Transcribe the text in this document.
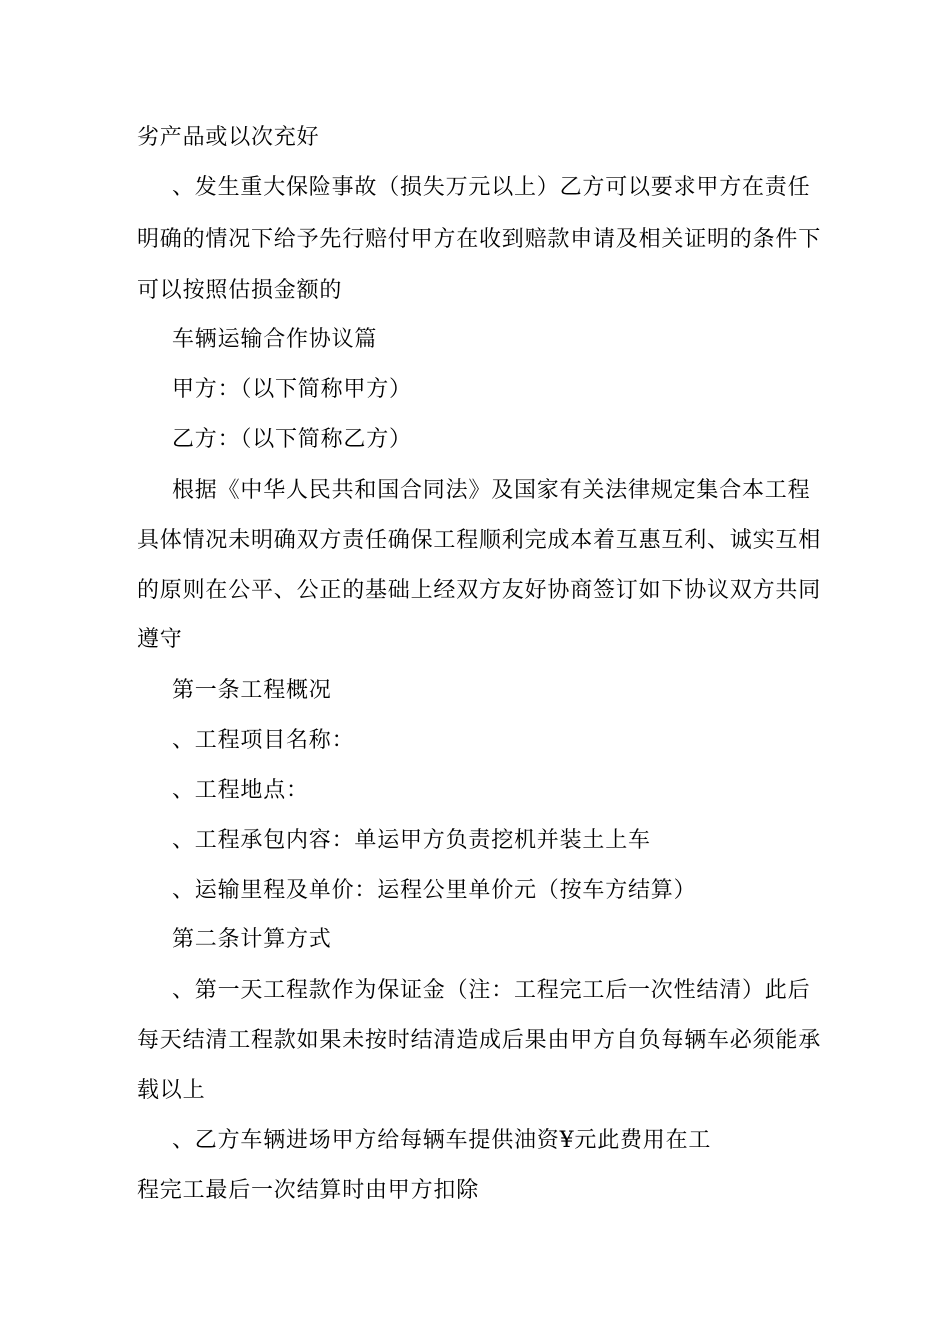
劣产品或以次充好
、发生重大保险事故（损失万元以上）乙方可以要求甲方在责任
明确的情况下给予先行赔付甲方在收到赔款申请及相关证明的条件下
可以按照估损金额的
车辆运输合作协议篇
甲方：（以下简称甲方）
乙方：（以下简称乙方）
根据《中华人民共和国合同法》及国家有关法律规定集合本工程
具体情况未明确双方责任确保工程顺利完成本着互惠互利、诚实互相
的原则在公平、公正的基础上经双方友好协商签订如下协议双方共同
遵守
第一条工程概况
、工程项目名称：
、工程地点：
、工程承包内容：单运甲方负责挖机并装土上车
、运输里程及单价：运程公里单价元（按车方结算）
第二条计算方式
、第一天工程款作为保证金（注：工程完工后一次性结清）此后
每天结清工程款如果未按时结清造成后果由甲方自负每辆车必须能承
载以上
、乙方车辆进场甲方给每辆车提供油资¥元此费用在工
程完工最后一次结算时由甲方扣除
